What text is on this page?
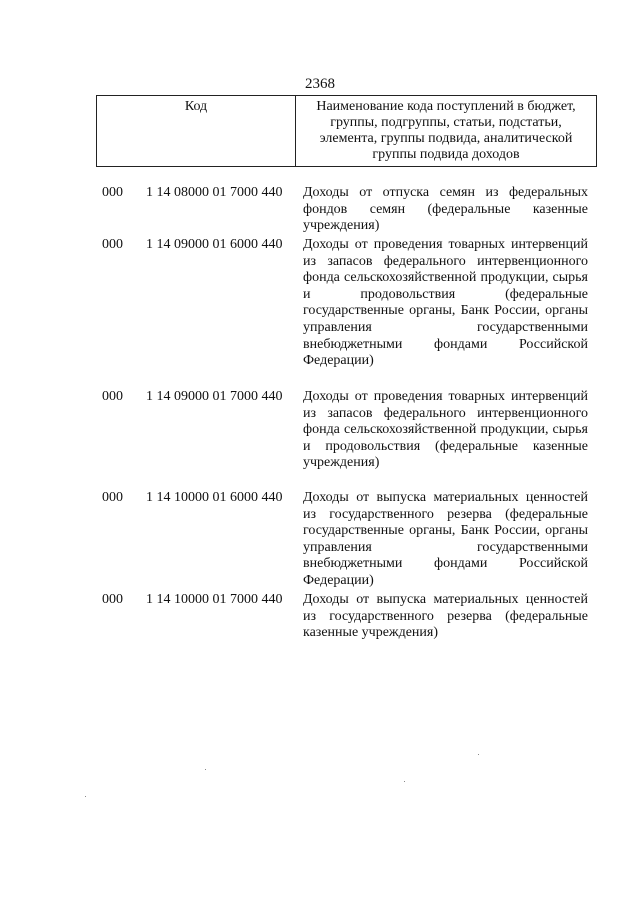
2368
Код	Наименование кода поступлений в бюджет, группы, подгруппы, статьи, подстатьи, элемента, группы подвида, аналитической группы подвида доходов
000	1 14 08000 01 7000 440	Доходы от отпуска семян из федеральных фондов семян (федеральные казенные учреждения)
000	1 14 09000 01 6000 440	Доходы от проведения товарных интервенций из запасов федерального интервенционного фонда сельскохозяйственной продукции, сырья и продовольствия (федеральные государственные органы, Банк России, органы управления государственными внебюджетными фондами Российской Федерации)
000	1 14 09000 01 7000 440	Доходы от проведения товарных интервенций из запасов федерального интервенционного фонда сельскохозяйственной продукции, сырья и продовольствия (федеральные казенные учреждения)
000	1 14 10000 01 6000 440	Доходы от выпуска материальных ценностей из государственного резерва (федеральные государственные органы, Банк России, органы управления государственными внебюджетными фондами Российской Федерации)
000	1 14 10000 01 7000 440	Доходы от выпуска материальных ценностей из государственного резерва (федеральные казенные учреждения)
